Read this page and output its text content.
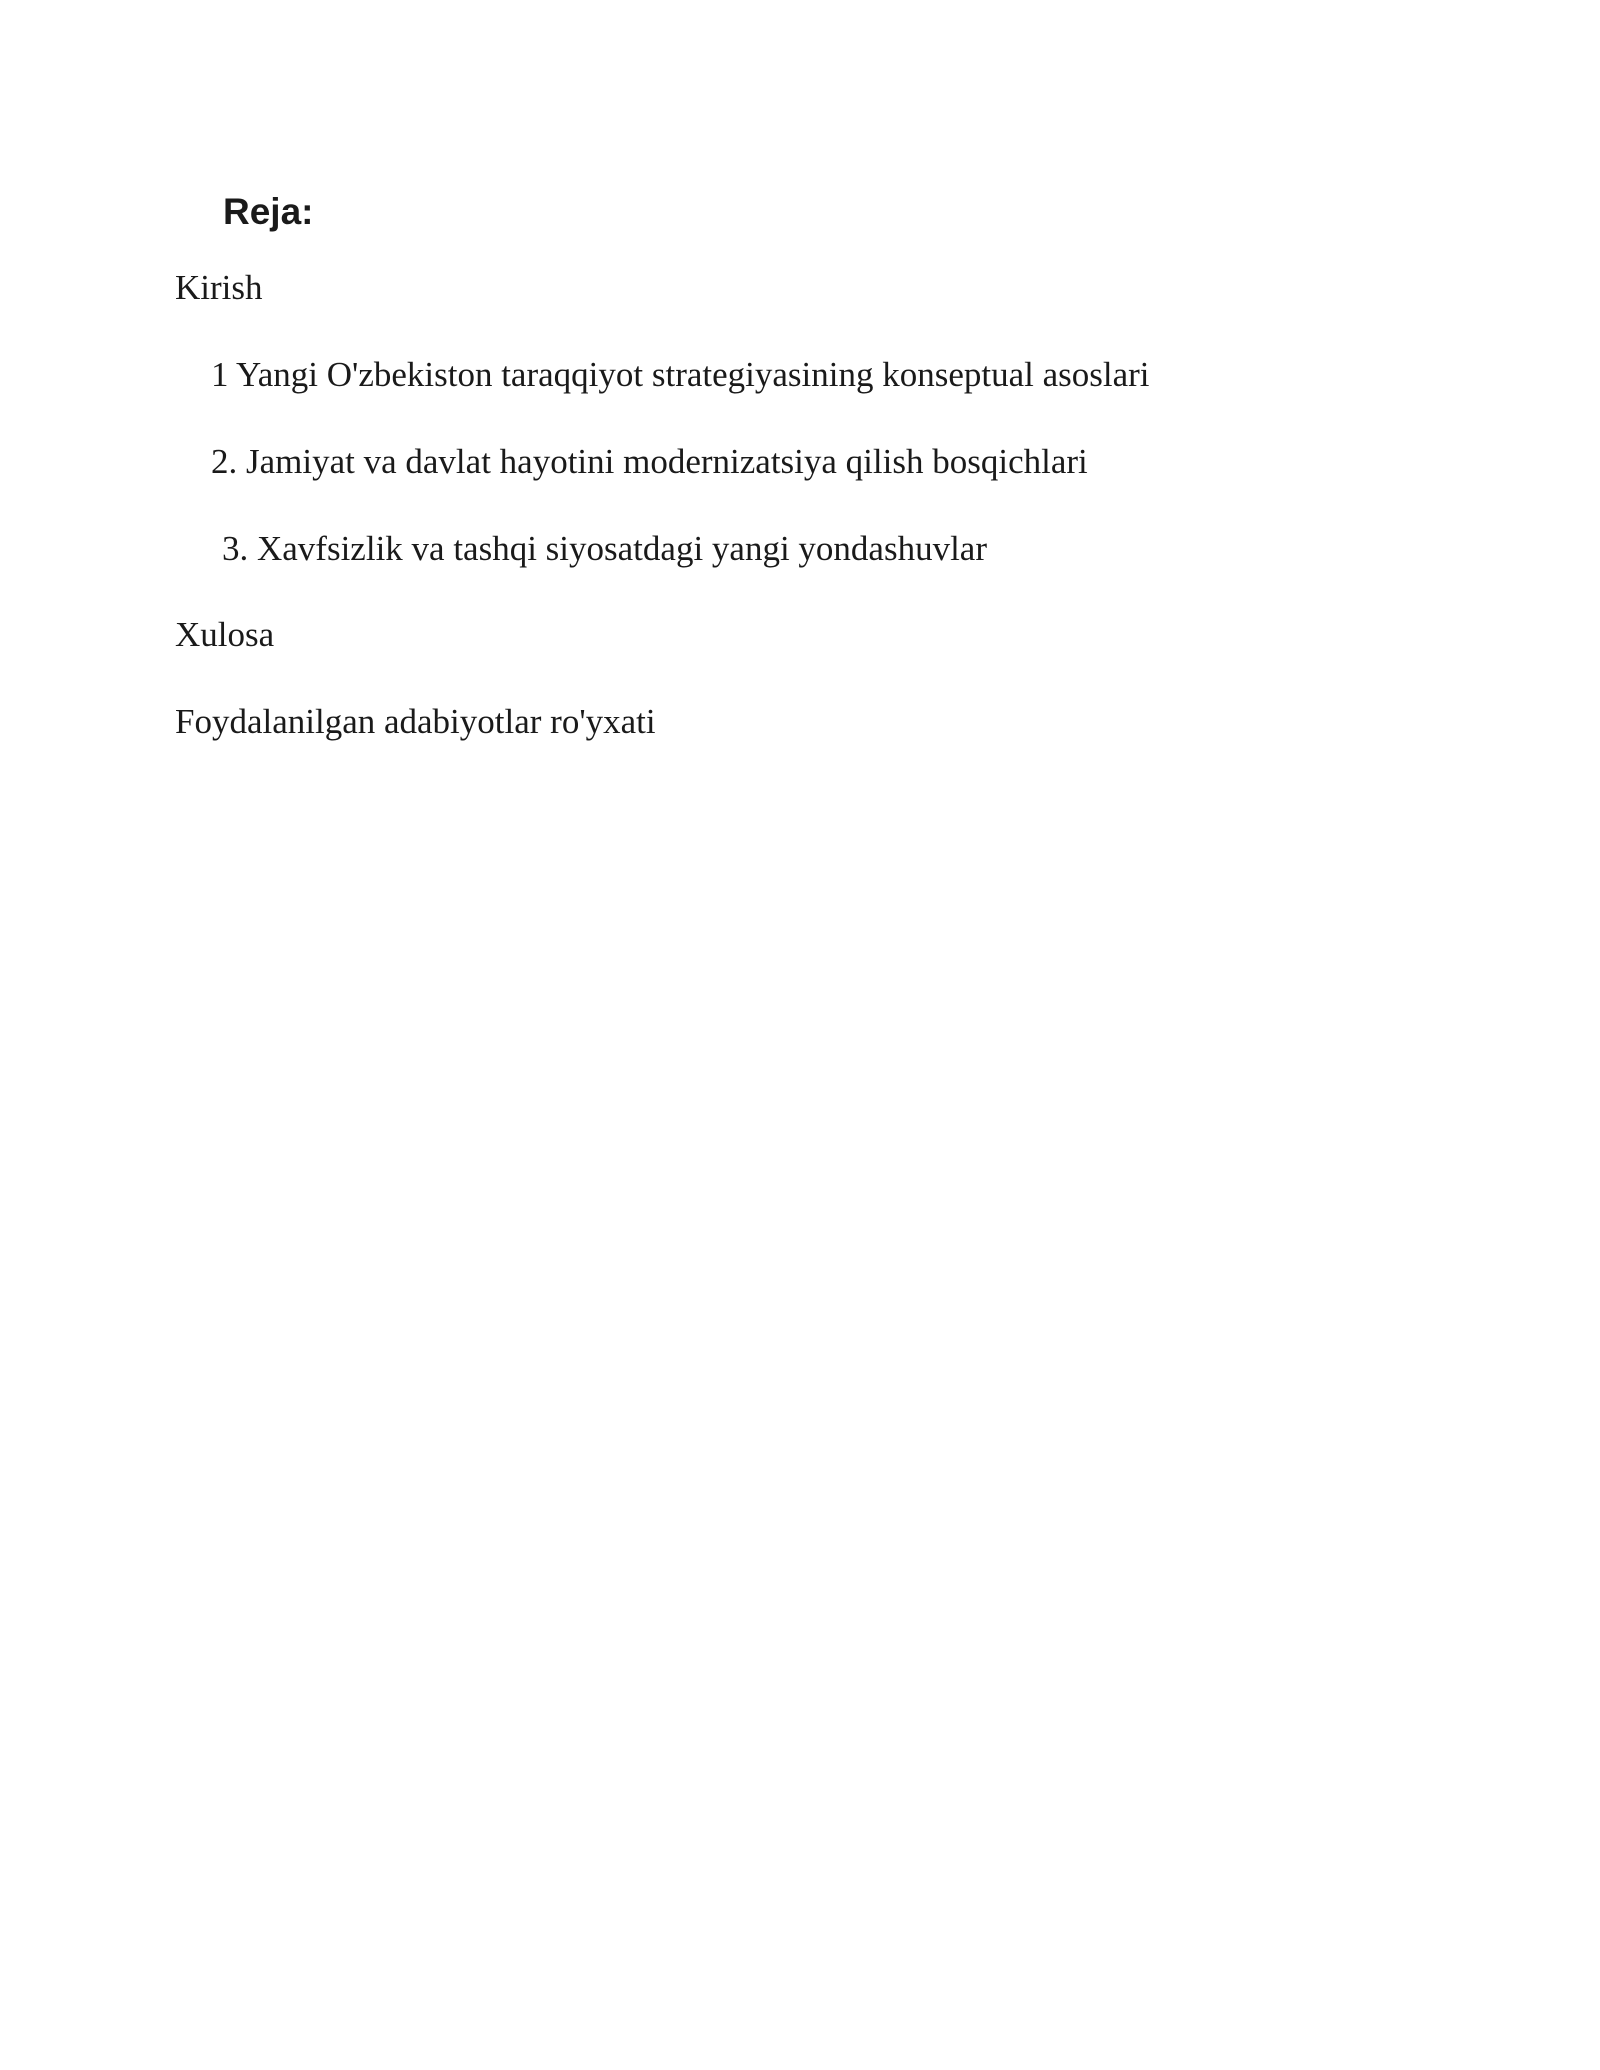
Reja:

Kirish

1 Yangi O'zbekiston taraqqiyot strategiyasining konseptual asoslari

2. Jamiyat va davlat hayotini modernizatsiya qilish bosqichlari

3. Xavfsizlik va tashqi siyosatdagi yangi yondashuvlar

Xulosa

Foydalanilgan adabiyotlar ro'yxati
